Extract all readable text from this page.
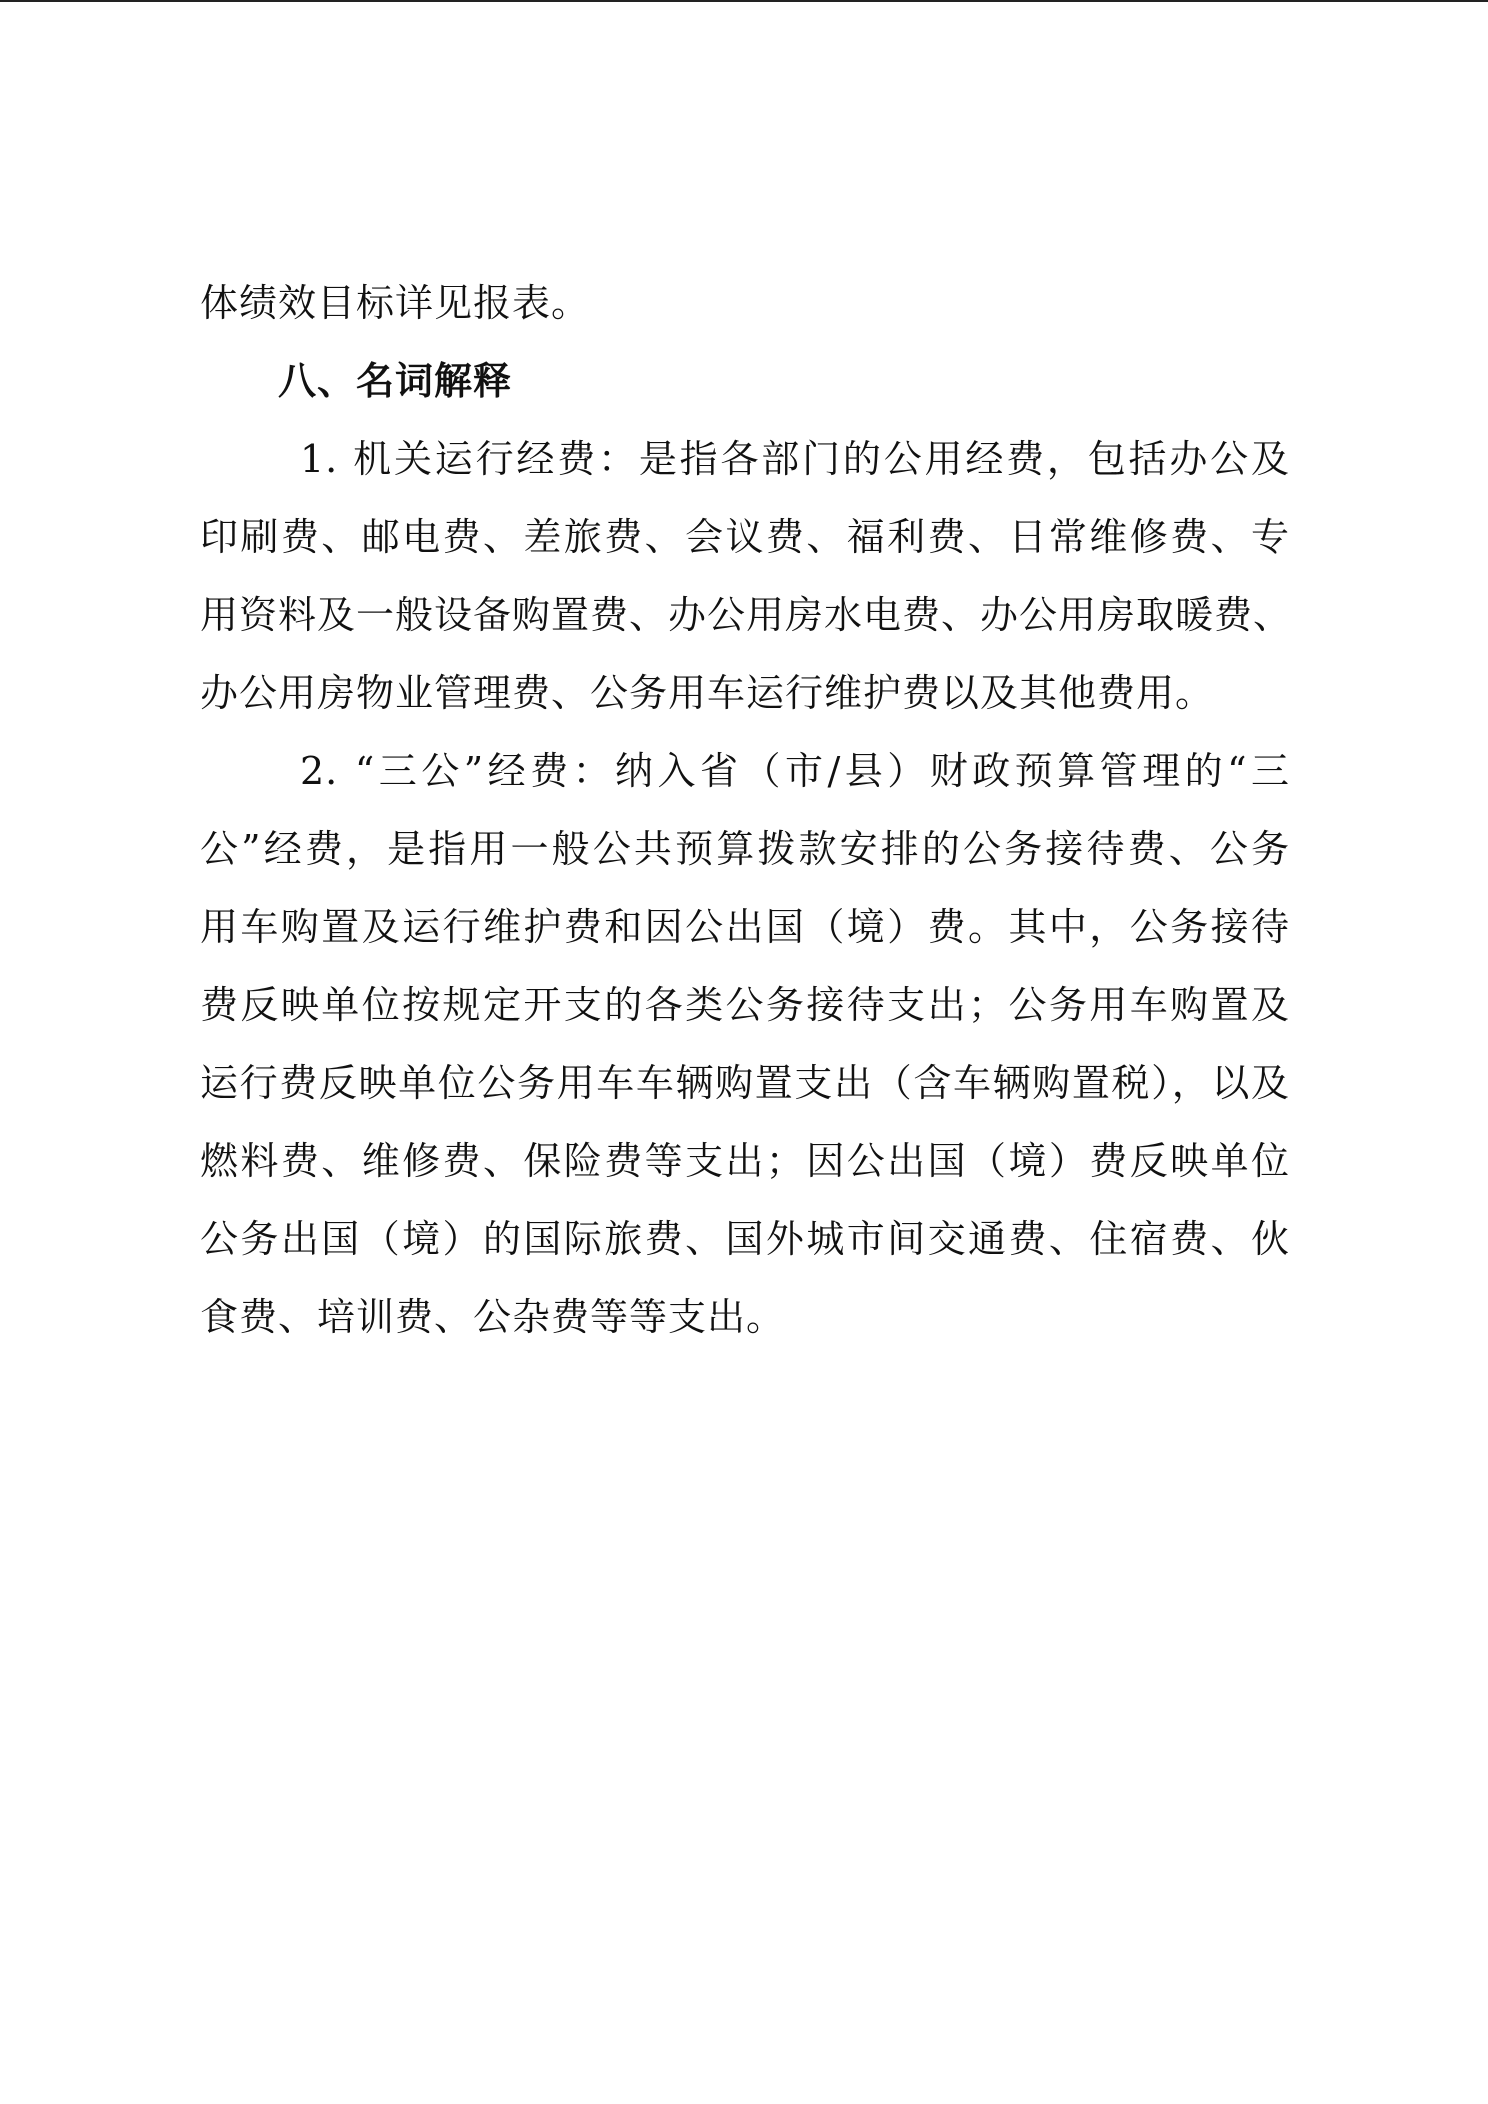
体绩效目标详见报表。
八、名词解释
1. 机关运行经费：是指各部门的公用经费，包括办公及
印刷费、邮电费、差旅费、会议费、福利费、日常维修费、专
用资料及一般设备购置费、办公用房水电费、办公用房取暖费、
办公用房物业管理费、公务用车运行维护费以及其他费用。
2. “三公”经费：纳入省（市/县）财政预算管理的“三
公”经费，是指用一般公共预算拨款安排的公务接待费、公务
用车购置及运行维护费和因公出国（境）费。其中，公务接待
费反映单位按规定开支的各类公务接待支出；公务用车购置及
运行费反映单位公务用车车辆购置支出（含车辆购置税），以及
燃料费、维修费、保险费等支出；因公出国（境）费反映单位
公务出国（境）的国际旅费、国外城市间交通费、住宿费、伙
食费、培训费、公杂费等等支出。
